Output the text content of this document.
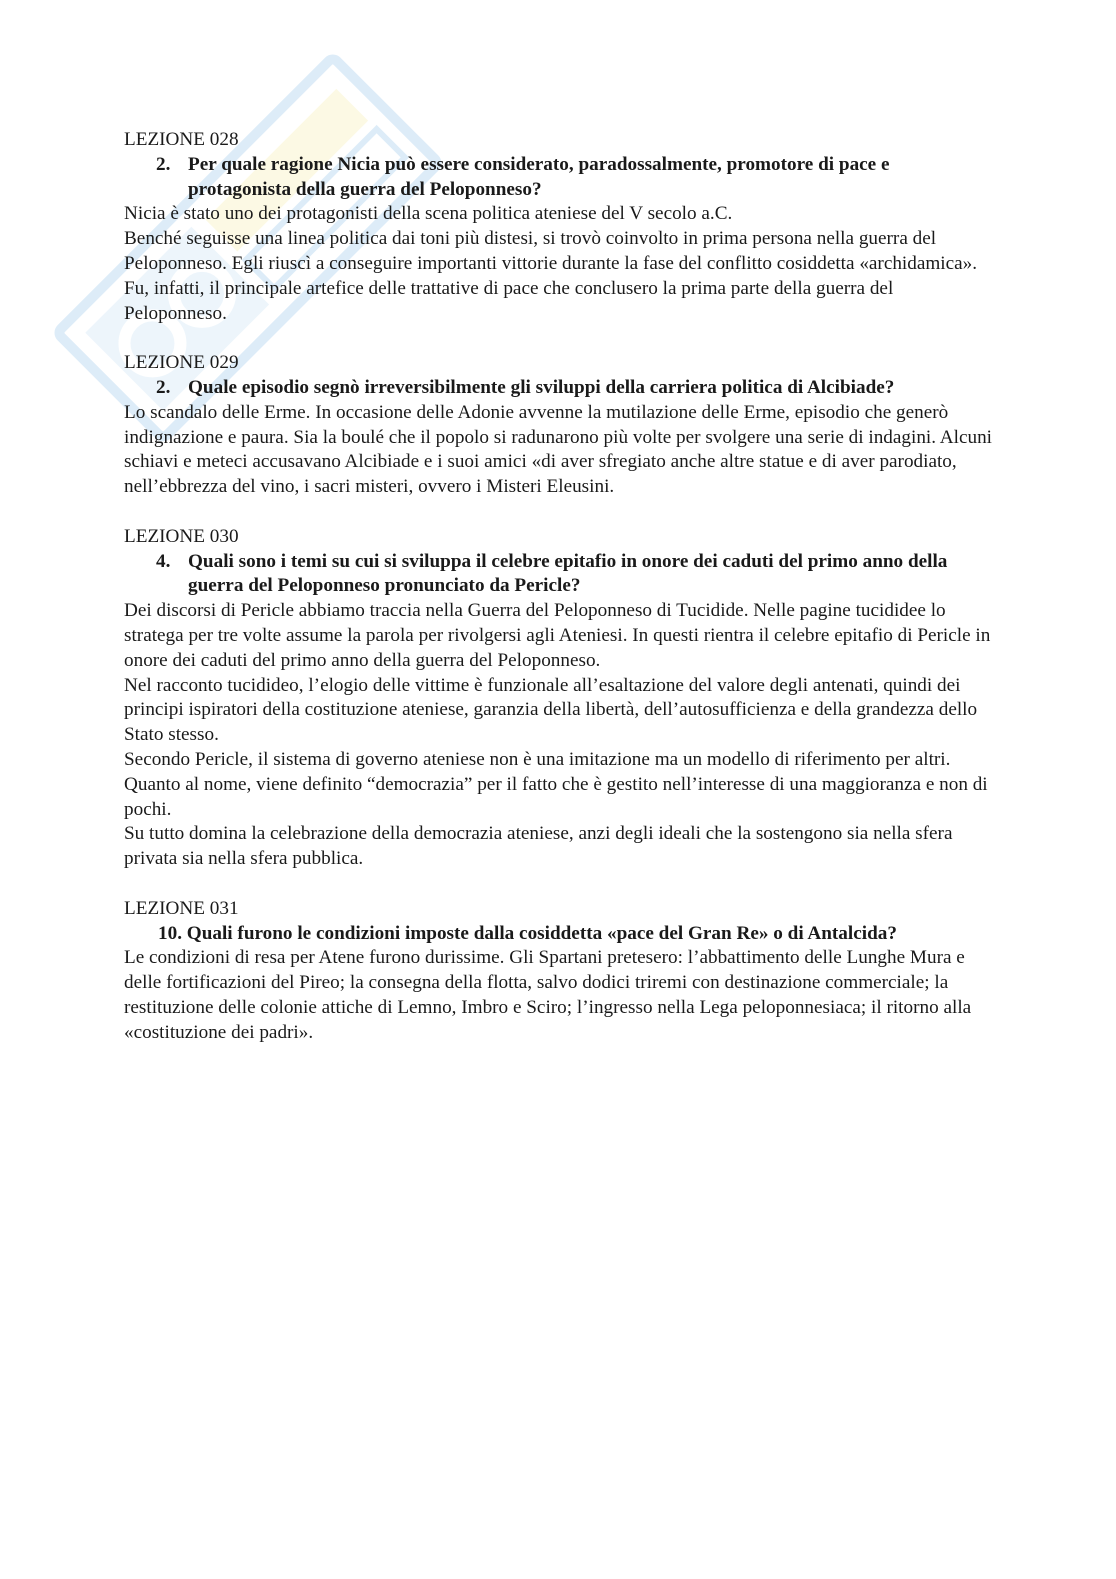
LEZIONE 028

2. Per quale ragione Nicia può essere considerato, paradossalmente, promotore di pace e protagonista della guerra del Peloponneso?

Nicia è stato uno dei protagonisti della scena politica ateniese del V secolo a.C.

Benché seguisse una linea politica dai toni più distesi, si trovò coinvolto in prima persona nella guerra del Peloponneso. Egli riuscì a conseguire importanti vittorie durante la fase del conflitto cosiddetta «archidamica». Fu, infatti, il principale artefice delle trattative di pace che conclusero la prima parte della guerra del Peloponneso.

LEZIONE 029

2. Quale episodio segnò irreversibilmente gli sviluppi della carriera politica di Alcibiade?

Lo scandalo delle Erme. In occasione delle Adonie avvenne la mutilazione delle Erme, episodio che generò indignazione e paura. Sia la boulé che il popolo si radunarono più volte per svolgere una serie di indagini. Alcuni schiavi e meteci accusavano Alcibiade e i suoi amici «di aver sfregiato anche altre statue e di aver parodiato, nell’ebbrezza del vino, i sacri misteri, ovvero i Misteri Eleusini.

LEZIONE 030

4. Quali sono i temi su cui si sviluppa il celebre epitafio in onore dei caduti del primo anno della guerra del Peloponneso pronunciato da Pericle?

Dei discorsi di Pericle abbiamo traccia nella Guerra del Peloponneso di Tucidide. Nelle pagine tucididee lo stratega per tre volte assume la parola per rivolgersi agli Ateniesi. In questi rientra il celebre epitafio di Pericle in onore dei caduti del primo anno della guerra del Peloponneso.

Nel racconto tucidideo, l’elogio delle vittime è funzionale all’esaltazione del valore degli antenati, quindi dei principi ispiratori della costituzione ateniese, garanzia della libertà, dell’autosufficienza e della grandezza dello Stato stesso.

Secondo Pericle, il sistema di governo ateniese non è una imitazione ma un modello di riferimento per altri. Quanto al nome, viene definito “democrazia” per il fatto che è gestito nell’interesse di una maggioranza e non di pochi.

Su tutto domina la celebrazione della democrazia ateniese, anzi degli ideali che la sostengono sia nella sfera privata sia nella sfera pubblica.

LEZIONE 031

10. Quali furono le condizioni imposte dalla cosiddetta «pace del Gran Re» o di Antalcida?

Le condizioni di resa per Atene furono durissime. Gli Spartani pretesero: l’abbattimento delle Lunghe Mura e delle fortificazioni del Pireo; la consegna della flotta, salvo dodici triremi con destinazione commerciale; la restituzione delle colonie attiche di Lemno, Imbro e Sciro; l’ingresso nella Lega peloponnesiaca; il ritorno alla «costituzione dei padri».
